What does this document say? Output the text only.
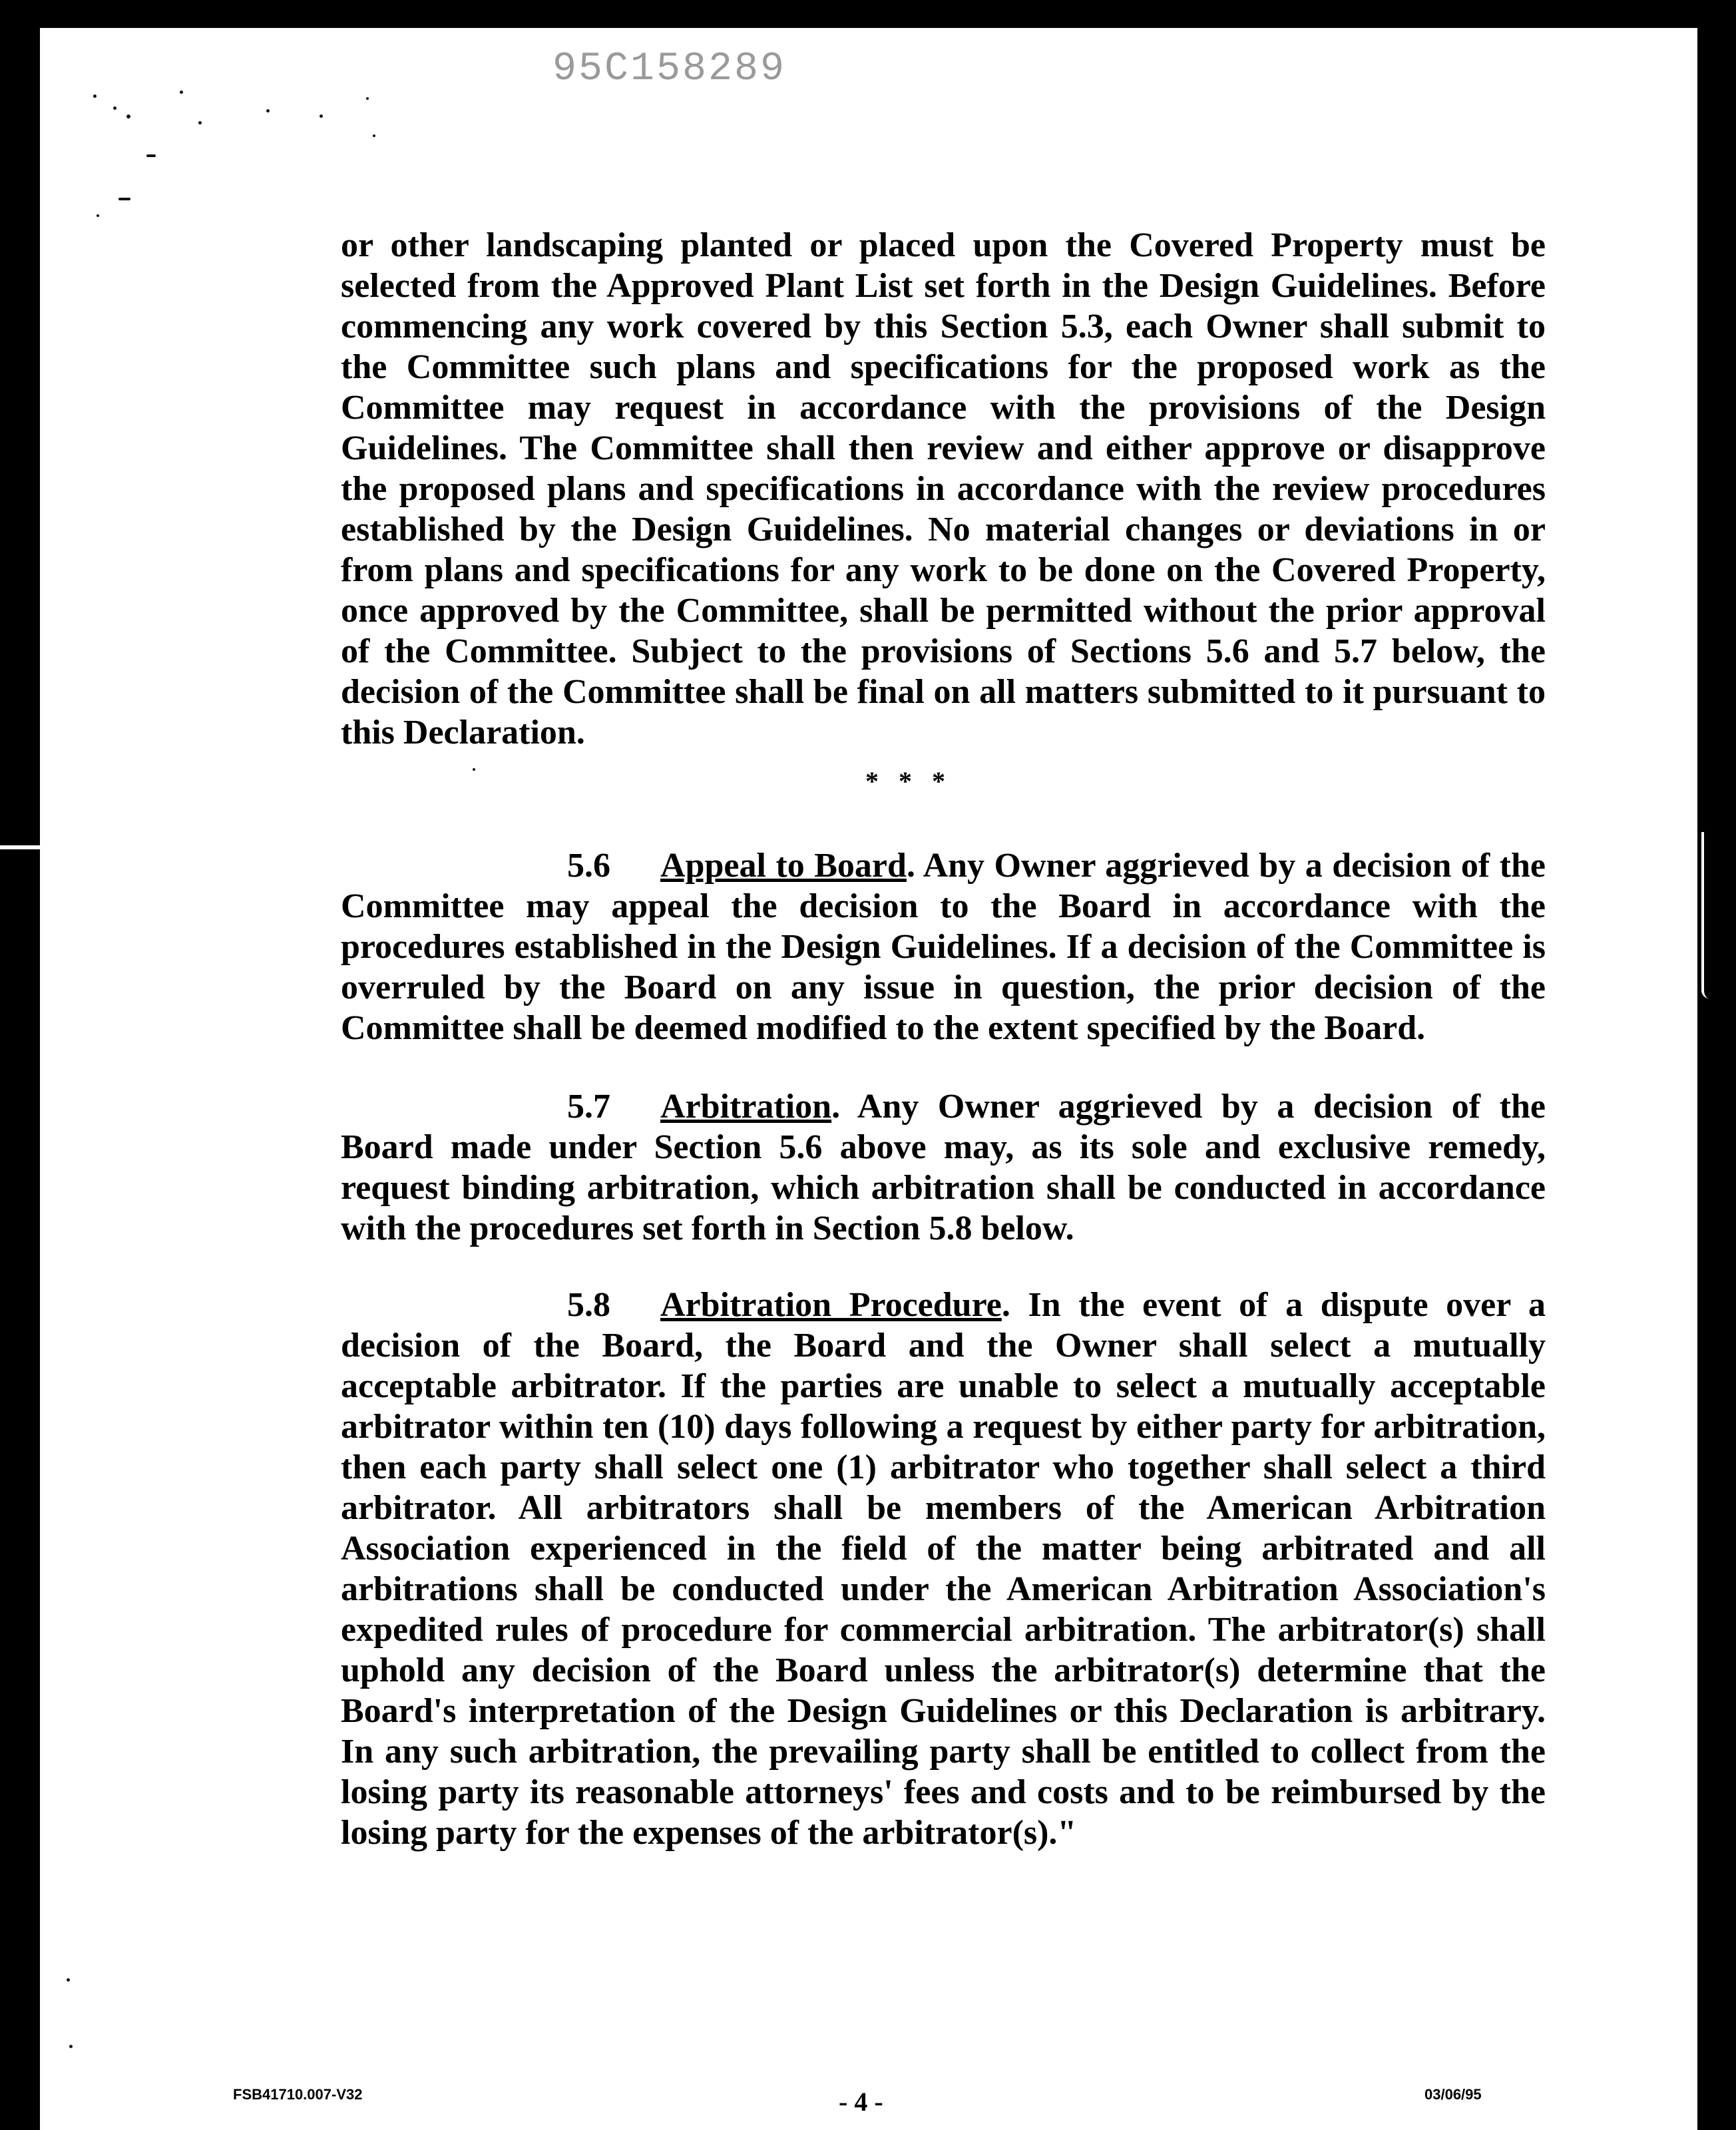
95C158289

or other landscaping planted or placed upon the Covered Property must be selected from the Approved Plant List set forth in the Design Guidelines. Before commencing any work covered by this Section 5.3, each Owner shall submit to the Committee such plans and specifications for the proposed work as the Committee may request in accordance with the provisions of the Design Guidelines. The Committee shall then review and either approve or disapprove the proposed plans and specifications in accordance with the review procedures established by the Design Guidelines. No material changes or deviations in or from plans and specifications for any work to be done on the Covered Property, once approved by the Committee, shall be permitted without the prior approval of the Committee. Subject to the provisions of Sections 5.6 and 5.7 below, the decision of the Committee shall be final on all matters submitted to it pursuant to this Declaration.

* * *

5.6 Appeal to Board. Any Owner aggrieved by a decision of the Committee may appeal the decision to the Board in accordance with the procedures established in the Design Guidelines. If a decision of the Committee is overruled by the Board on any issue in question, the prior decision of the Committee shall be deemed modified to the extent specified by the Board.

5.7 Arbitration. Any Owner aggrieved by a decision of the Board made under Section 5.6 above may, as its sole and exclusive remedy, request binding arbitration, which arbitration shall be conducted in accordance with the procedures set forth in Section 5.8 below.

5.8 Arbitration Procedure. In the event of a dispute over a decision of the Board, the Board and the Owner shall select a mutually acceptable arbitrator. If the parties are unable to select a mutually acceptable arbitrator within ten (10) days following a request by either party for arbitration, then each party shall select one (1) arbitrator who together shall select a third arbitrator. All arbitrators shall be members of the American Arbitration Association experienced in the field of the matter being arbitrated and all arbitrations shall be conducted under the American Arbitration Association's expedited rules of procedure for commercial arbitration. The arbitrator(s) shall uphold any decision of the Board unless the arbitrator(s) determine that the Board's interpretation of the Design Guidelines or this Declaration is arbitrary. In any such arbitration, the prevailing party shall be entitled to collect from the losing party its reasonable attorneys' fees and costs and to be reimbursed by the losing party for the expenses of the arbitrator(s)."

FSB41710.007-V32	- 4 -	03/06/95
